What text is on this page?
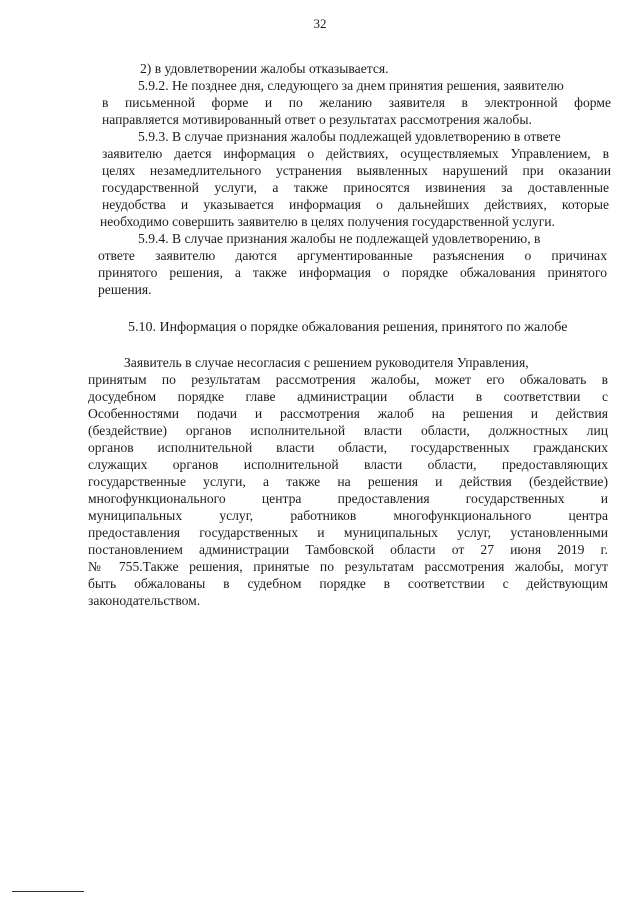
32
2) в удовлетворении жалобы отказывается.
5.9.2. Не позднее дня, следующего за днем принятия решения, заявителю
в письменной форме и по желанию заявителя в электронной форме
направляется мотивированный ответ о результатах рассмотрения жалобы.
5.9.3. В случае признания жалобы подлежащей удовлетворению в ответе
заявителю дается информация о действиях, осуществляемых Управлением, в
целях незамедлительного устранения выявленных нарушений при оказании
государственной услуги, а также приносятся извинения за доставленные
неудобства и указывается информация о дальнейших действиях, которые
необходимо совершить заявителю в целях получения государственной услуги.
5.9.4. В случае признания жалобы не подлежащей удовлетворению, в
ответе заявителю даются аргументированные разъяснения о причинах
принятого решения, а также информация о порядке обжалования принятого
решения.
5.10. Информация о порядке обжалования решения, принятого по жалобе
Заявитель в случае несогласия с решением руководителя Управления,
принятым по результатам рассмотрения жалобы, может его обжаловать в
досудебном порядке главе администрации области в соответствии с
Особенностями подачи и рассмотрения жалоб на решения и действия
(бездействие) органов исполнительной власти области, должностных лиц
органов исполнительной власти области, государственных гражданских
служащих органов исполнительной власти области, предоставляющих
государственные услуги, а также на решения и действия (бездействие)
многофункционального центра предоставления государственных и
муниципальных услуг, работников многофункционального центра
предоставления государственных и муниципальных услуг, установленными
постановлением администрации Тамбовской области от 27 июня 2019 г.
№ 755.Также решения, принятые по результатам рассмотрения жалобы, могут
быть обжалованы в судебном порядке в соответствии с действующим
законодательством.
